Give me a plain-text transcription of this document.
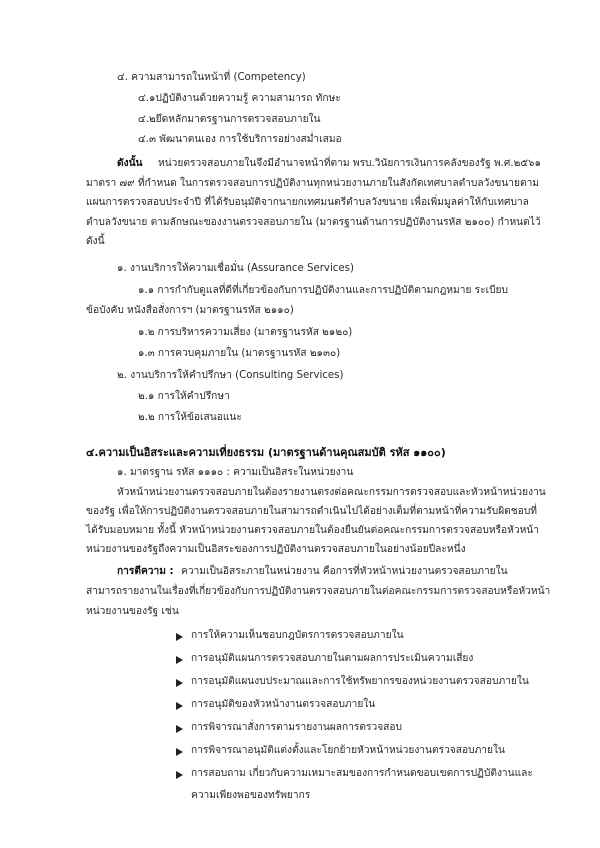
๔. ความสามารถในหน้าที่ (Competency)
๔.๑ปฏิบัติงานด้วยความรู้ ความสามารถ ทักษะ
๔.๒ยึดหลักมาตรฐานการตรวจสอบภายใน
๔.๓ พัฒนาตนเอง การใช้บริการอย่างสม่ำเสมอ
ดังนั้น หน่วยตรวจสอบภายในจึงมีอำนาจหน้าที่ตาม พรบ.วินัยการเงินการคลังของรัฐ พ.ศ.๒๕๖๑
มาตรา ๗๙ ที่กำหนด ในการตรวจสอบการปฏิบัติงานทุกหน่วยงานภายในสังกัดเทศบาลตำบลวังขนายตาม
แผนการตรวจสอบประจำปี ที่ได้รับอนุมัติจากนายกเทศมนตรีตำบลวังขนาย เพื่อเพิ่มมูลค่าให้กับเทศบาล
ตำบลวังขนาย ตามลักษณะของงานตรวจสอบภายใน (มาตรฐานด้านการปฏิบัติงานรหัส ๒๑๐๐) กำหนดไว้
ดังนี้
๑. งานบริการให้ความเชื่อมั่น (Assurance Services)
๑.๑ การกำกับดูแลที่ดีที่เกี่ยวข้องกับการปฏิบัติงานและการปฏิบัติตามกฎหมาย ระเบียบ
ข้อบังคับ หนังสือสั่งการฯ (มาตรฐานรหัส ๒๑๑๐)
๑.๒ การบริหารความเสี่ยง (มาตรฐานรหัส ๒๑๒๐)
๑.๓ การควบคุมภายใน (มาตรฐานรหัส ๒๑๓๐)
๒. งานบริการให้คำปรึกษา (Consulting Services)
๒.๑ การให้คำปรึกษา
๒.๒ การให้ข้อเสนอแนะ
๔.ความเป็นอิสระและความเที่ยงธรรม (มาตรฐานด้านคุณสมบัติ รหัส ๑๑๐๐)
๑. มาตรฐาน รหัส ๑๑๑๐ : ความเป็นอิสระในหน่วยงาน
หัวหน้าหน่วยงานตรวจสอบภายในต้องรายงานตรงต่อคณะกรรมการตรวจสอบและหัวหน้าหน่วยงาน
ของรัฐ เพื่อให้การปฏิบัติงานตรวจสอบภายในสามารถดำเนินไปได้อย่างเต็มที่ตามหน้าที่ความรับผิดชอบที่
ได้รับมอบหมาย ทั้งนี้ หัวหน้าหน่วยงานตรวจสอบภายในต้องยืนยันต่อคณะกรรมการตรวจสอบหรือหัวหน้า
หน่วยงานของรัฐถึงความเป็นอิสระของการปฏิบัติงานตรวจสอบภายในอย่างน้อยปีละหนึ่ง
การตีความ : ความเป็นอิสระภายในหน่วยงาน คือการที่หัวหน้าหน่วยงานตรวจสอบภายใน
สามารถรายงานในเรื่องที่เกี่ยวข้องกับการปฏิบัติงานตรวจสอบภายในต่อคณะกรรมการตรวจสอบหรือหัวหน้า
หน่วยงานของรัฐ เช่น
การให้ความเห็นชอบกฎบัตรการตรวจสอบภายใน
การอนุมัติแผนการตรวจสอบภายในตามผลการประเมินความเสี่ยง
การอนุมัติแผนงบประมาณและการใช้ทรัพยากรของหน่วยงานตรวจสอบภายใน
การอนุมัติของหัวหน้างานตรวจสอบภายใน
การพิจารณาสั่งการตามรายงานผลการตรวจสอบ
การพิจารณาอนุมัติแต่งตั้งและโยกย้ายหัวหน้าหน่วยงานตรวจสอบภายใน
การสอบถาม เกี่ยวกับความเหมาะสมของการกำหนดขอบเขตการปฏิบัติงานและ
ความเพียงพอของทรัพยากร
